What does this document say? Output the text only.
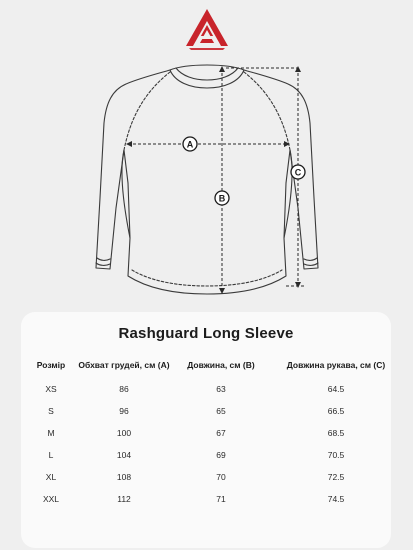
A
B
C
Rashguard Long Sleeve
Розмір	Обхват грудей, см (А)	Довжина, см (В)	Довжина рукава, см (С)

XS	86	63	64.5
S	96	65	66.5
M	100	67	68.5
L	104	69	70.5
XL	108	70	72.5
XXL	112	71	74.5
